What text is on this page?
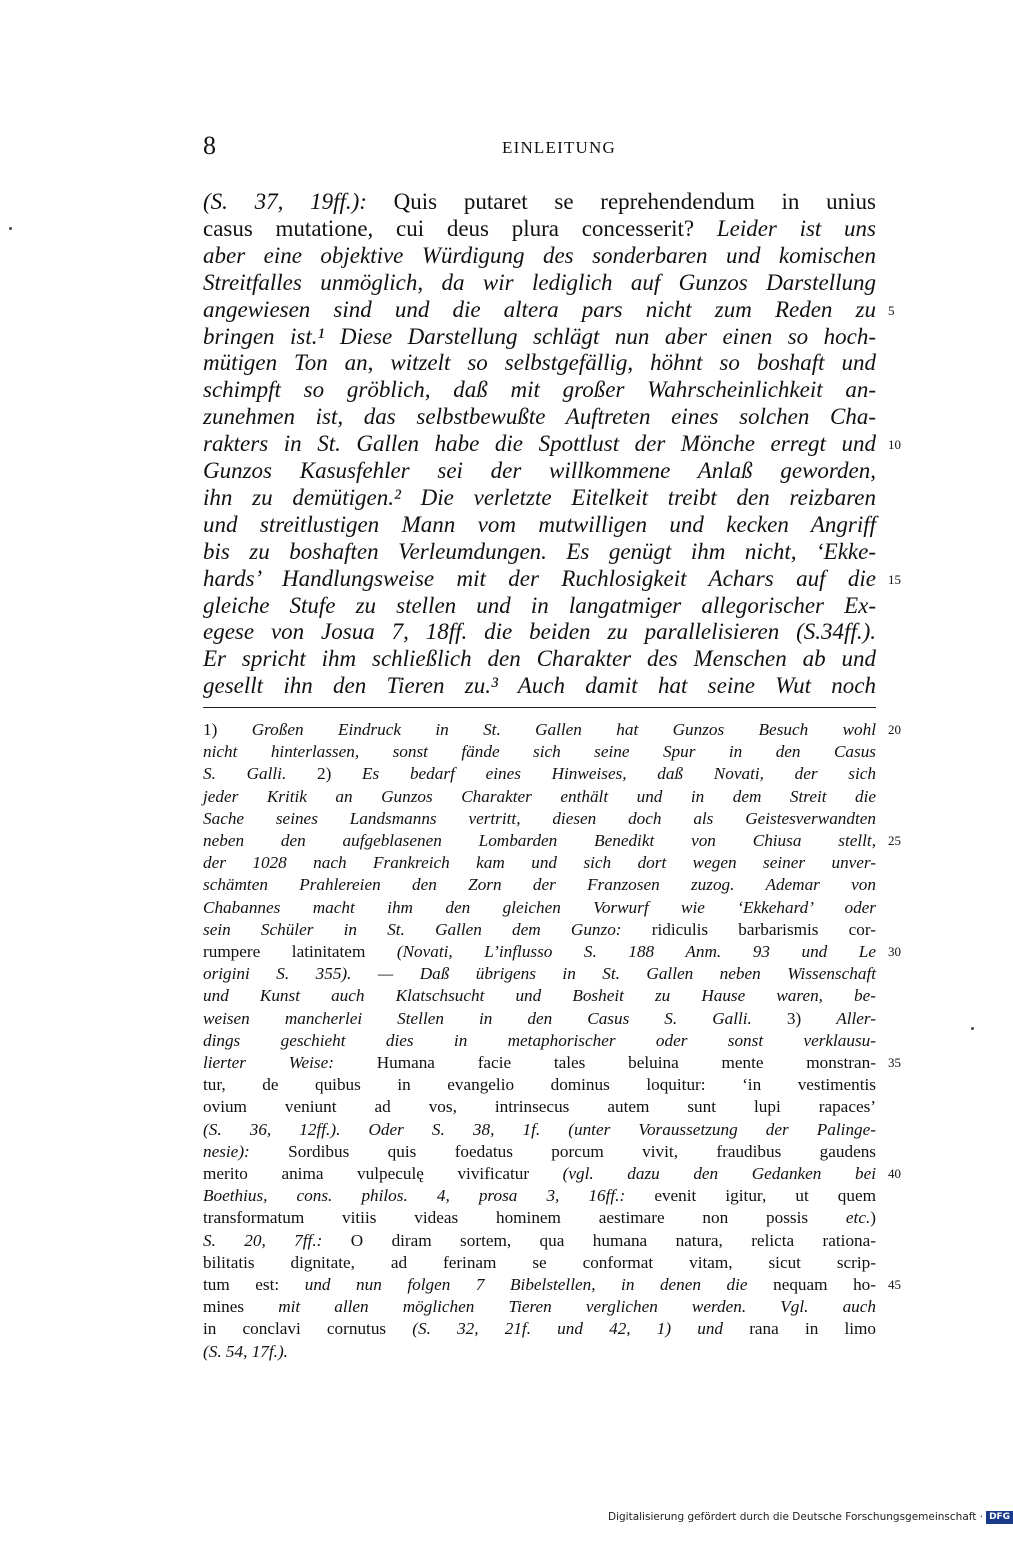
8	EINLEITUNG
(S. 37, 19ff.): Quis putaret se reprehendendum in unius
casus mutatione, cui deus plura concesserit? Leider ist uns
aber eine objektive Würdigung des sonderbaren und komischen
Streitfalles unmöglich, da wir lediglich auf Gunzos Darstellung
angewiesen sind und die altera pars nicht zum Reden zu
bringen ist.¹ Diese Darstellung schlägt nun aber einen so hoch-
mütigen Ton an, witzelt so selbstgefällig, höhnt so boshaft und
schimpft so gröblich, daß mit großer Wahrscheinlichkeit an-
zunehmen ist, das selbstbewußte Auftreten eines solchen Cha-
rakters in St. Gallen habe die Spottlust der Mönche erregt und
Gunzos Kasusfehler sei der willkommene Anlaß geworden,
ihn zu demütigen.² Die verletzte Eitelkeit treibt den reizbaren
und streitlustigen Mann vom mutwilligen und kecken Angriff
bis zu boshaften Verleumdungen. Es genügt ihm nicht, ‘Ekke-
hards’ Handlungsweise mit der Ruchlosigkeit Achars auf die
gleiche Stufe zu stellen und in langatmiger allegorischer Ex-
egese von Josua 7, 18ff. die beiden zu parallelisieren (S.34ff.).
Er spricht ihm schließlich den Charakter des Menschen ab und
gesellt ihn den Tieren zu.³ Auch damit hat seine Wut noch
1) Großen Eindruck in St. Gallen hat Gunzos Besuch wohl
nicht hinterlassen, sonst fände sich seine Spur in den Casus
S. Galli. 2) Es bedarf eines Hinweises, daß Novati, der sich
jeder Kritik an Gunzos Charakter enthält und in dem Streit die
Sache seines Landsmanns vertritt, diesen doch als Geistesverwandten
neben den aufgeblasenen Lombarden Benedikt von Chiusa stellt,
der 1028 nach Frankreich kam und sich dort wegen seiner unver-
schämten Prahlereien den Zorn der Franzosen zuzog. Ademar von
Chabannes macht ihm den gleichen Vorwurf wie ‘Ekkehard’ oder
sein Schüler in St. Gallen dem Gunzo: ridiculis barbarismis cor-
rumpere latinitatem (Novati, L’influsso S. 188 Anm. 93 und Le
origini S. 355). — Daß übrigens in St. Gallen neben Wissenschaft
und Kunst auch Klatschsucht und Bosheit zu Hause waren, be-
weisen mancherlei Stellen in den Casus S. Galli. 3) Aller-
dings geschieht dies in metaphorischer oder sonst verklausu-
lierter Weise: Humana facie tales beluina mente monstran-
tur, de quibus in evangelio dominus loquitur: ‘in vestimentis
ovium veniunt ad vos, intrinsecus autem sunt lupi rapaces’
(S. 36, 12ff.). Oder S. 38, 1f. (unter Voraussetzung der Palinge-
nesie): Sordibus quis foedatus porcum vivit, fraudibus gaudens
merito anima vulpeculę vivificatur (vgl. dazu den Gedanken bei
Boethius, cons. philos. 4, prosa 3, 16ff.: evenit igitur, ut quem
transformatum vitiis videas hominem aestimare non possis etc.)
S. 20, 7ff.: O diram sortem, qua humana natura, relicta rationa-
bilitatis dignitate, ad ferinam se conformat vitam, sicut scrip-
tum est: und nun folgen 7 Bibelstellen, in denen die nequam ho-
mines mit allen möglichen Tieren verglichen werden. Vgl. auch
in conclavi cornutus (S. 32, 21f. und 42, 1) und rana in limo
(S. 54, 17f.).
5
10
15
20
25
30
35
40
45
Digitalisierung gefördert durch die Deutsche Forschungsgemeinschaft · DFG
